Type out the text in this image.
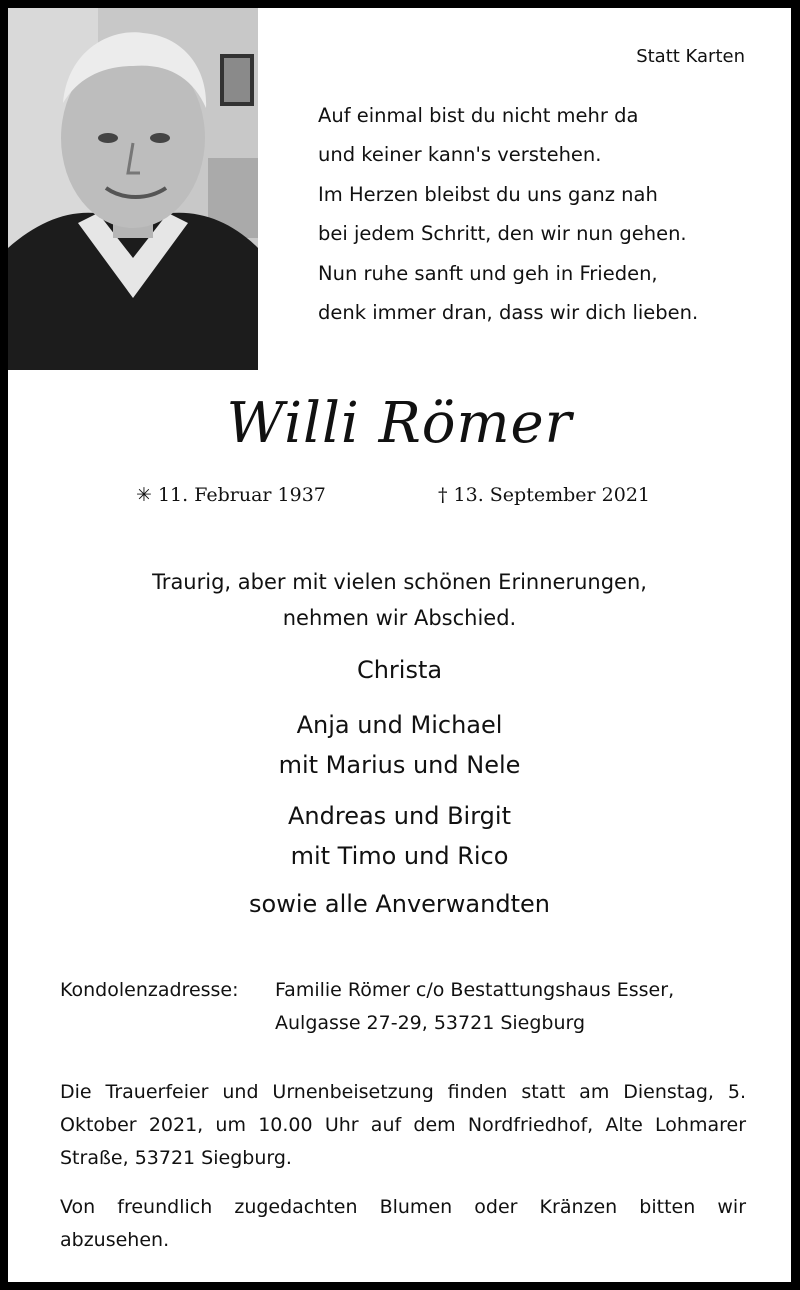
Statt Karten
Auf einmal bist du nicht mehr da
und keiner kann's verstehen.
Im Herzen bleibst du uns ganz nah
bei jedem Schritt, den wir nun gehen.
Nun ruhe sanft und geh in Frieden,
denk immer dran, dass wir dich lieben.
Willi Römer
✳ 11. Februar 1937	† 13. September 2021
Traurig, aber mit vielen schönen Erinnerungen,
nehmen wir Abschied.
Christa
Anja und Michael
mit Marius und Nele
Andreas und Birgit
mit Timo und Rico
sowie alle Anverwandten
Kondolenzadresse: Familie Römer c/o Bestattungshaus Esser,
Aulgasse 27-29, 53721 Siegburg
Die Trauerfeier und Urnenbeisetzung finden statt am Dienstag, 5. Oktober 2021, um 10.00 Uhr auf dem Nordfriedhof, Alte Lohmarer Straße, 53721 Siegburg.
Von freundlich zugedachten Blumen oder Kränzen bitten wir abzusehen.
